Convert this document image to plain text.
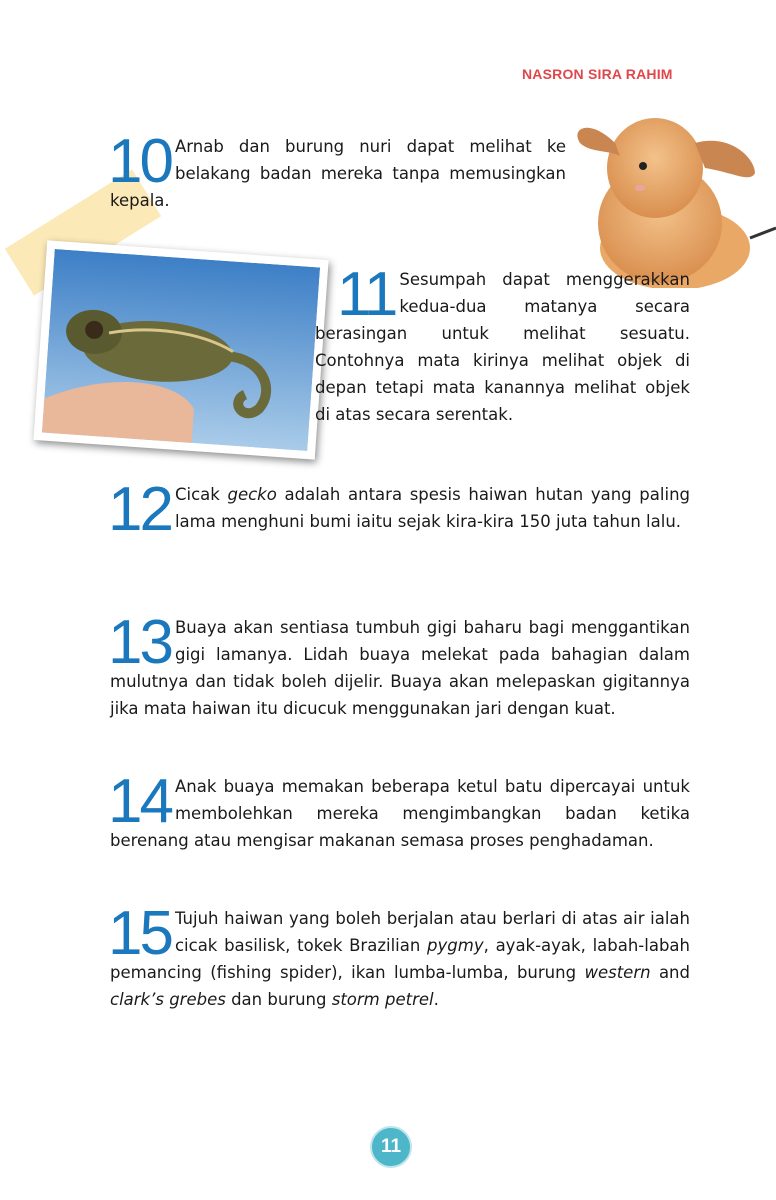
NASRON SIRA RAHIM
10 Arnab dan burung nuri dapat melihat ke belakang badan mereka tanpa memusingkan kepala.
11 Sesumpah dapat menggerakkan kedua-dua matanya secara berasingan untuk melihat sesuatu. Contohnya mata kirinya melihat objek di depan tetapi mata kanannya melihat objek di atas secara serentak.
12 Cicak gecko adalah antara spesis haiwan hutan yang paling lama menghuni bumi iaitu sejak kira-kira 150 juta tahun lalu.
13 Buaya akan sentiasa tumbuh gigi baharu bagi menggantikan gigi lamanya. Lidah buaya melekat pada bahagian dalam mulutnya dan tidak boleh dijelir. Buaya akan melepaskan gigitannya jika mata haiwan itu dicucuk menggunakan jari dengan kuat.
14 Anak buaya memakan beberapa ketul batu dipercayai untuk membolehkan mereka mengimbangkan badan ketika berenang atau mengisar makanan semasa proses penghadaman.
15 Tujuh haiwan yang boleh berjalan atau berlari di atas air ialah cicak basilisk, tokek Brazilian pygmy, ayak-ayak, labah-labah pemancing (fishing spider), ikan lumba-lumba, burung western and clark’s grebes dan burung storm petrel.
11
